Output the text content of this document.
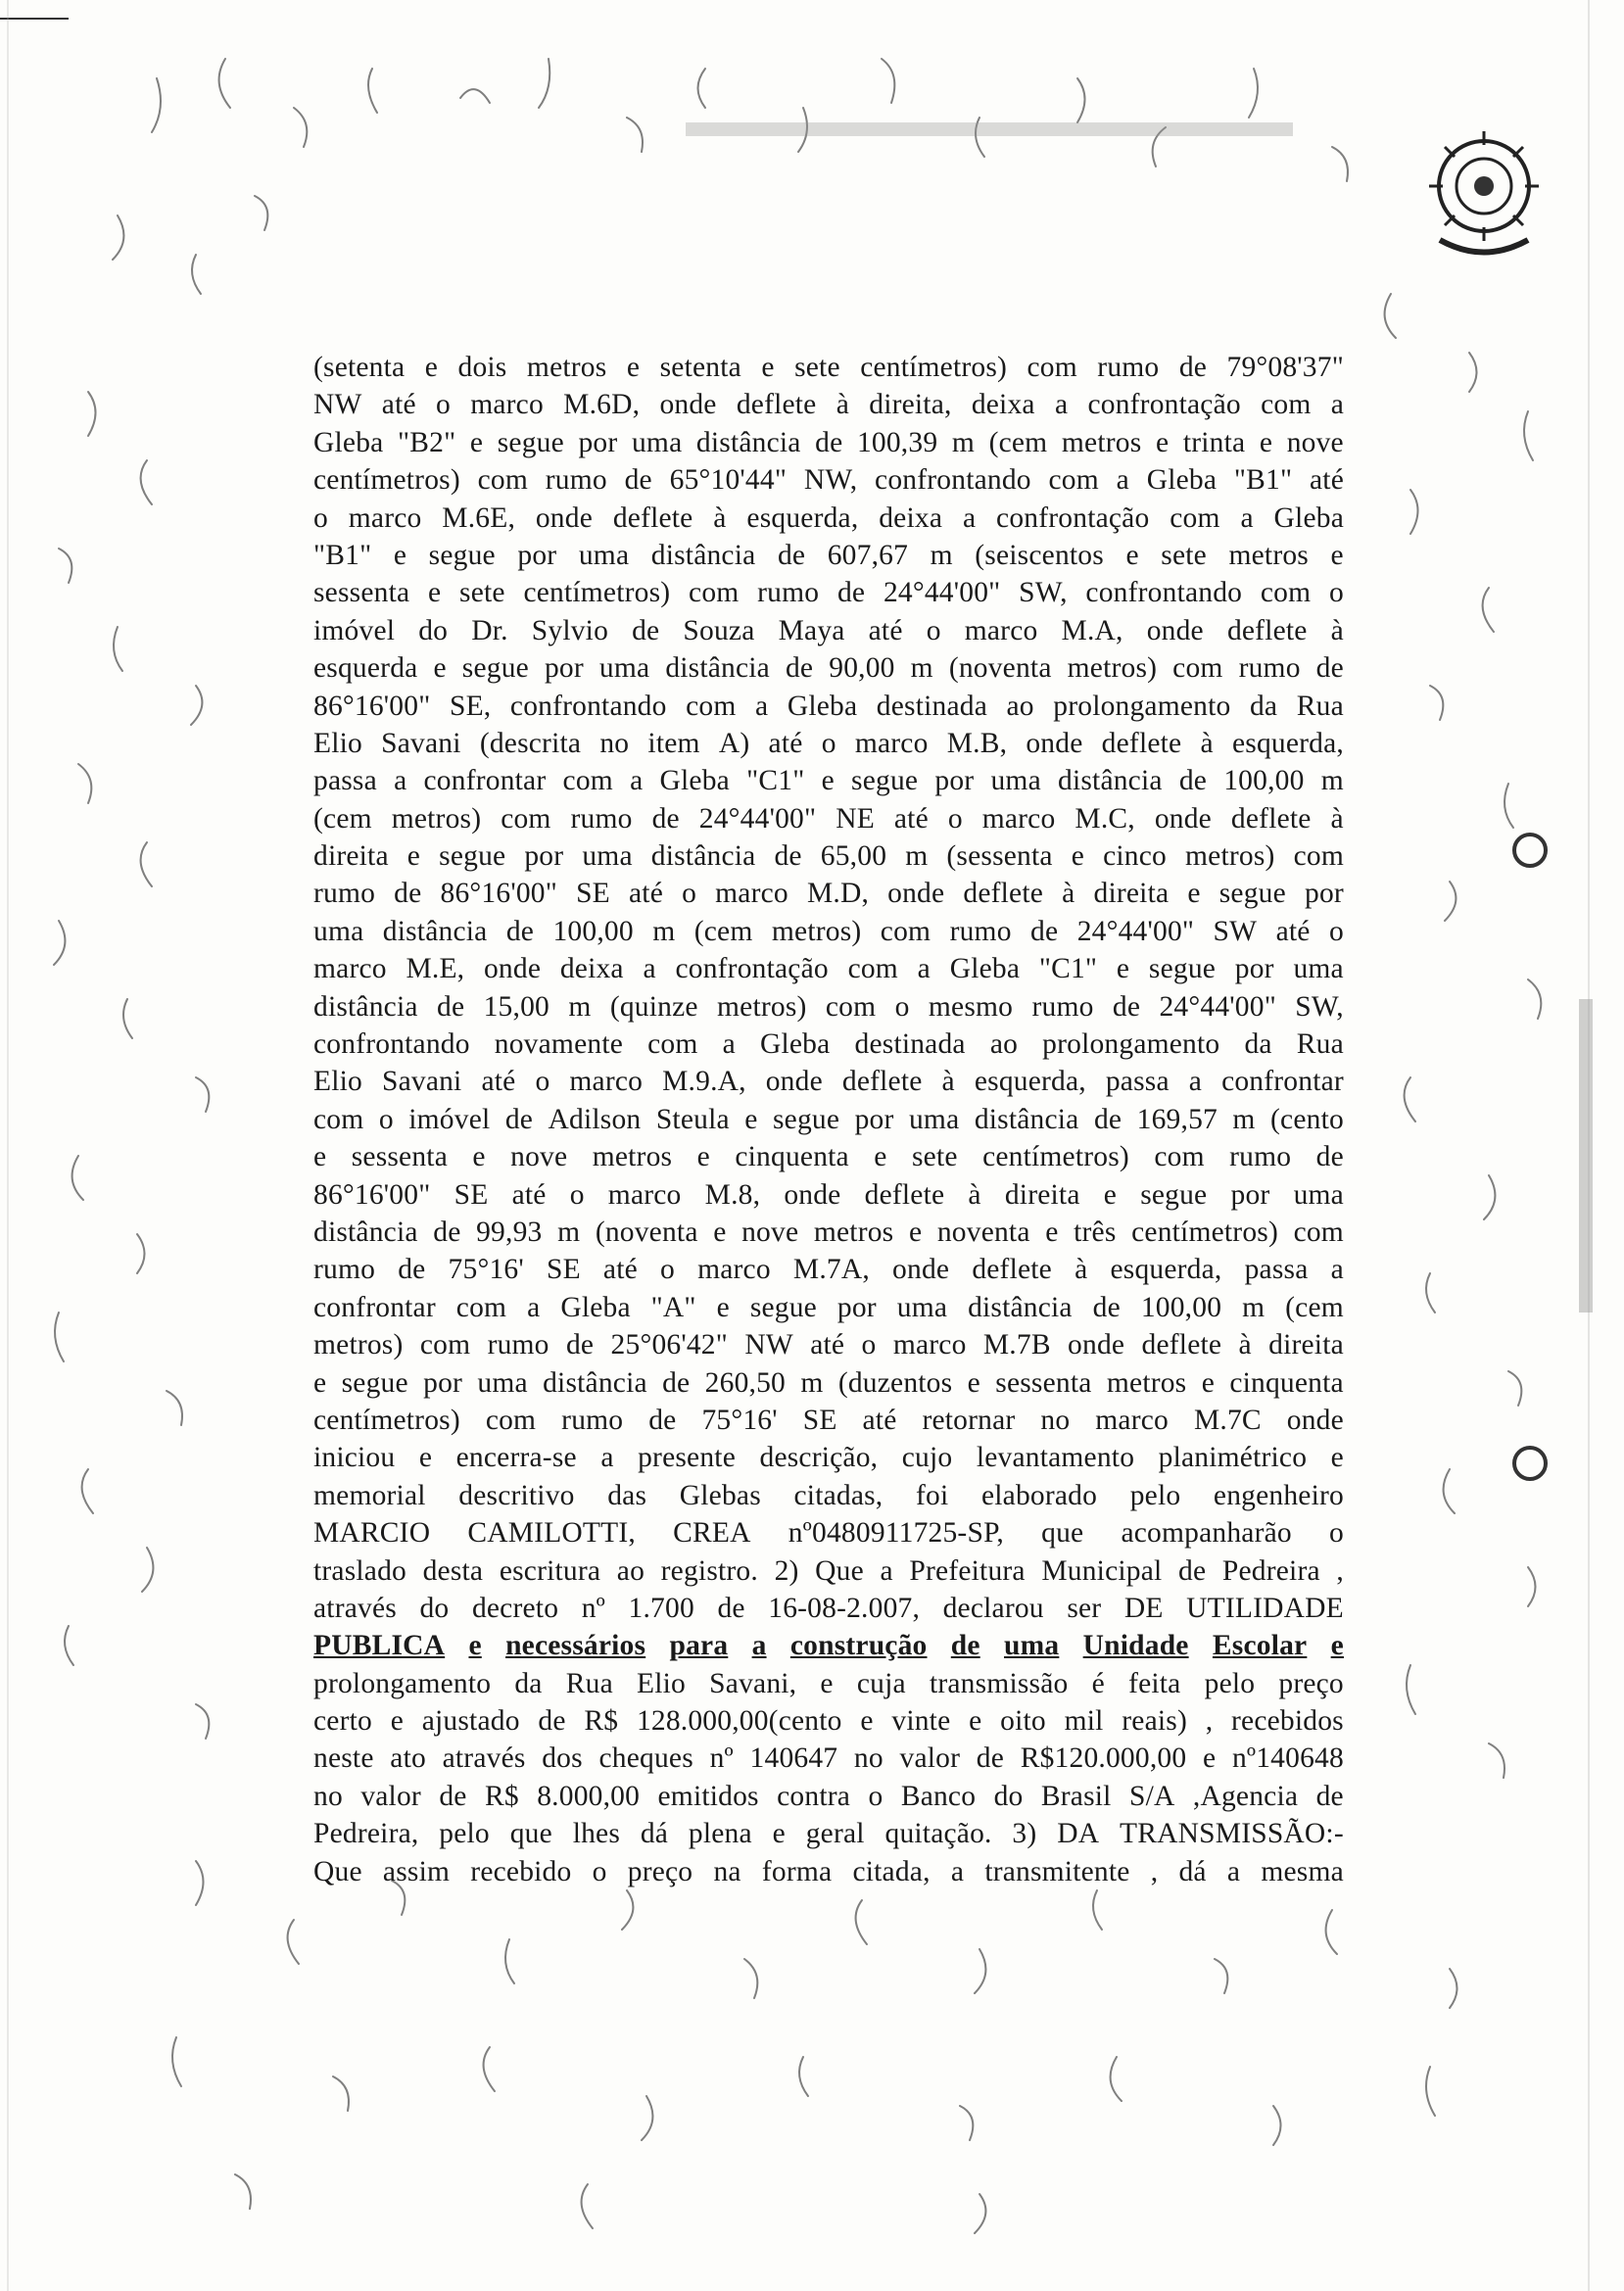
(setenta e dois metros e setenta e sete centímetros) com rumo de 79°08'37"
NW até o marco M.6D, onde deflete à direita, deixa a confrontação com a
Gleba "B2" e segue por uma distância de 100,39 m (cem metros e trinta e nove
centímetros) com rumo de 65°10'44" NW, confrontando com a Gleba "B1" até
o marco M.6E, onde deflete à esquerda, deixa a confrontação com a Gleba
"B1" e segue por uma distância de 607,67 m (seiscentos e sete metros e
sessenta e sete centímetros) com rumo de 24°44'00" SW, confrontando com o
imóvel do Dr. Sylvio de Souza Maya até o marco M.A, onde deflete à
esquerda e segue por uma distância de 90,00 m (noventa metros) com rumo de
86°16'00" SE, confrontando com a Gleba destinada ao prolongamento da Rua
Elio Savani (descrita no item A) até o marco M.B, onde deflete à esquerda,
passa a confrontar com a Gleba "C1" e segue por uma distância de 100,00 m
(cem metros) com rumo de 24°44'00" NE até o marco M.C, onde deflete à
direita e segue por uma distância de 65,00 m (sessenta e cinco metros) com
rumo de 86°16'00" SE até o marco M.D, onde deflete à direita e segue por
uma distância de 100,00 m (cem metros) com rumo de 24°44'00" SW até o
marco M.E, onde deixa a confrontação com a Gleba "C1" e segue por uma
distância de 15,00 m (quinze metros) com o mesmo rumo de 24°44'00" SW,
confrontando novamente com a Gleba destinada ao prolongamento da Rua
Elio Savani até o marco M.9.A, onde deflete à esquerda, passa a confrontar
com o imóvel de Adilson Steula e segue por uma distância de 169,57 m (cento
e sessenta e nove metros e cinquenta e sete centímetros) com rumo de
86°16'00" SE até o marco M.8, onde deflete à direita e segue por uma
distância de 99,93 m (noventa e nove metros e noventa e três centímetros) com
rumo de 75°16' SE até o marco M.7A, onde deflete à esquerda, passa a
confrontar com a Gleba "A" e segue por uma distância de 100,00 m (cem
metros) com rumo de 25°06'42" NW até o marco M.7B onde deflete à direita
e segue por uma distância de 260,50 m (duzentos e sessenta metros e cinquenta
centímetros) com rumo de 75°16' SE até retornar no marco M.7C onde
iniciou e encerra-se a presente descrição, cujo levantamento planimétrico e
memorial descritivo das Glebas citadas, foi elaborado pelo engenheiro
MARCIO CAMILOTTI, CREA nº0480911725-SP, que acompanharão o
traslado desta escritura ao registro. 2) Que a Prefeitura Municipal de Pedreira ,
através do decreto nº 1.700 de 16-08-2.007, declarou ser DE UTILIDADE
PUBLICA e necessários para a construção de uma Unidade Escolar e
prolongamento da Rua Elio Savani, e cuja transmissão é feita pelo preço
certo e ajustado de R$ 128.000,00(cento e vinte e oito mil reais) , recebidos
neste ato através dos cheques nº 140647 no valor de R$120.000,00 e nº140648
no valor de R$ 8.000,00 emitidos contra o Banco do Brasil S/A ,Agencia de
Pedreira, pelo que lhes dá plena e geral quitação. 3) DA TRANSMISSÃO:-
Que assim recebido o preço na forma citada, a transmitente , dá a mesma
